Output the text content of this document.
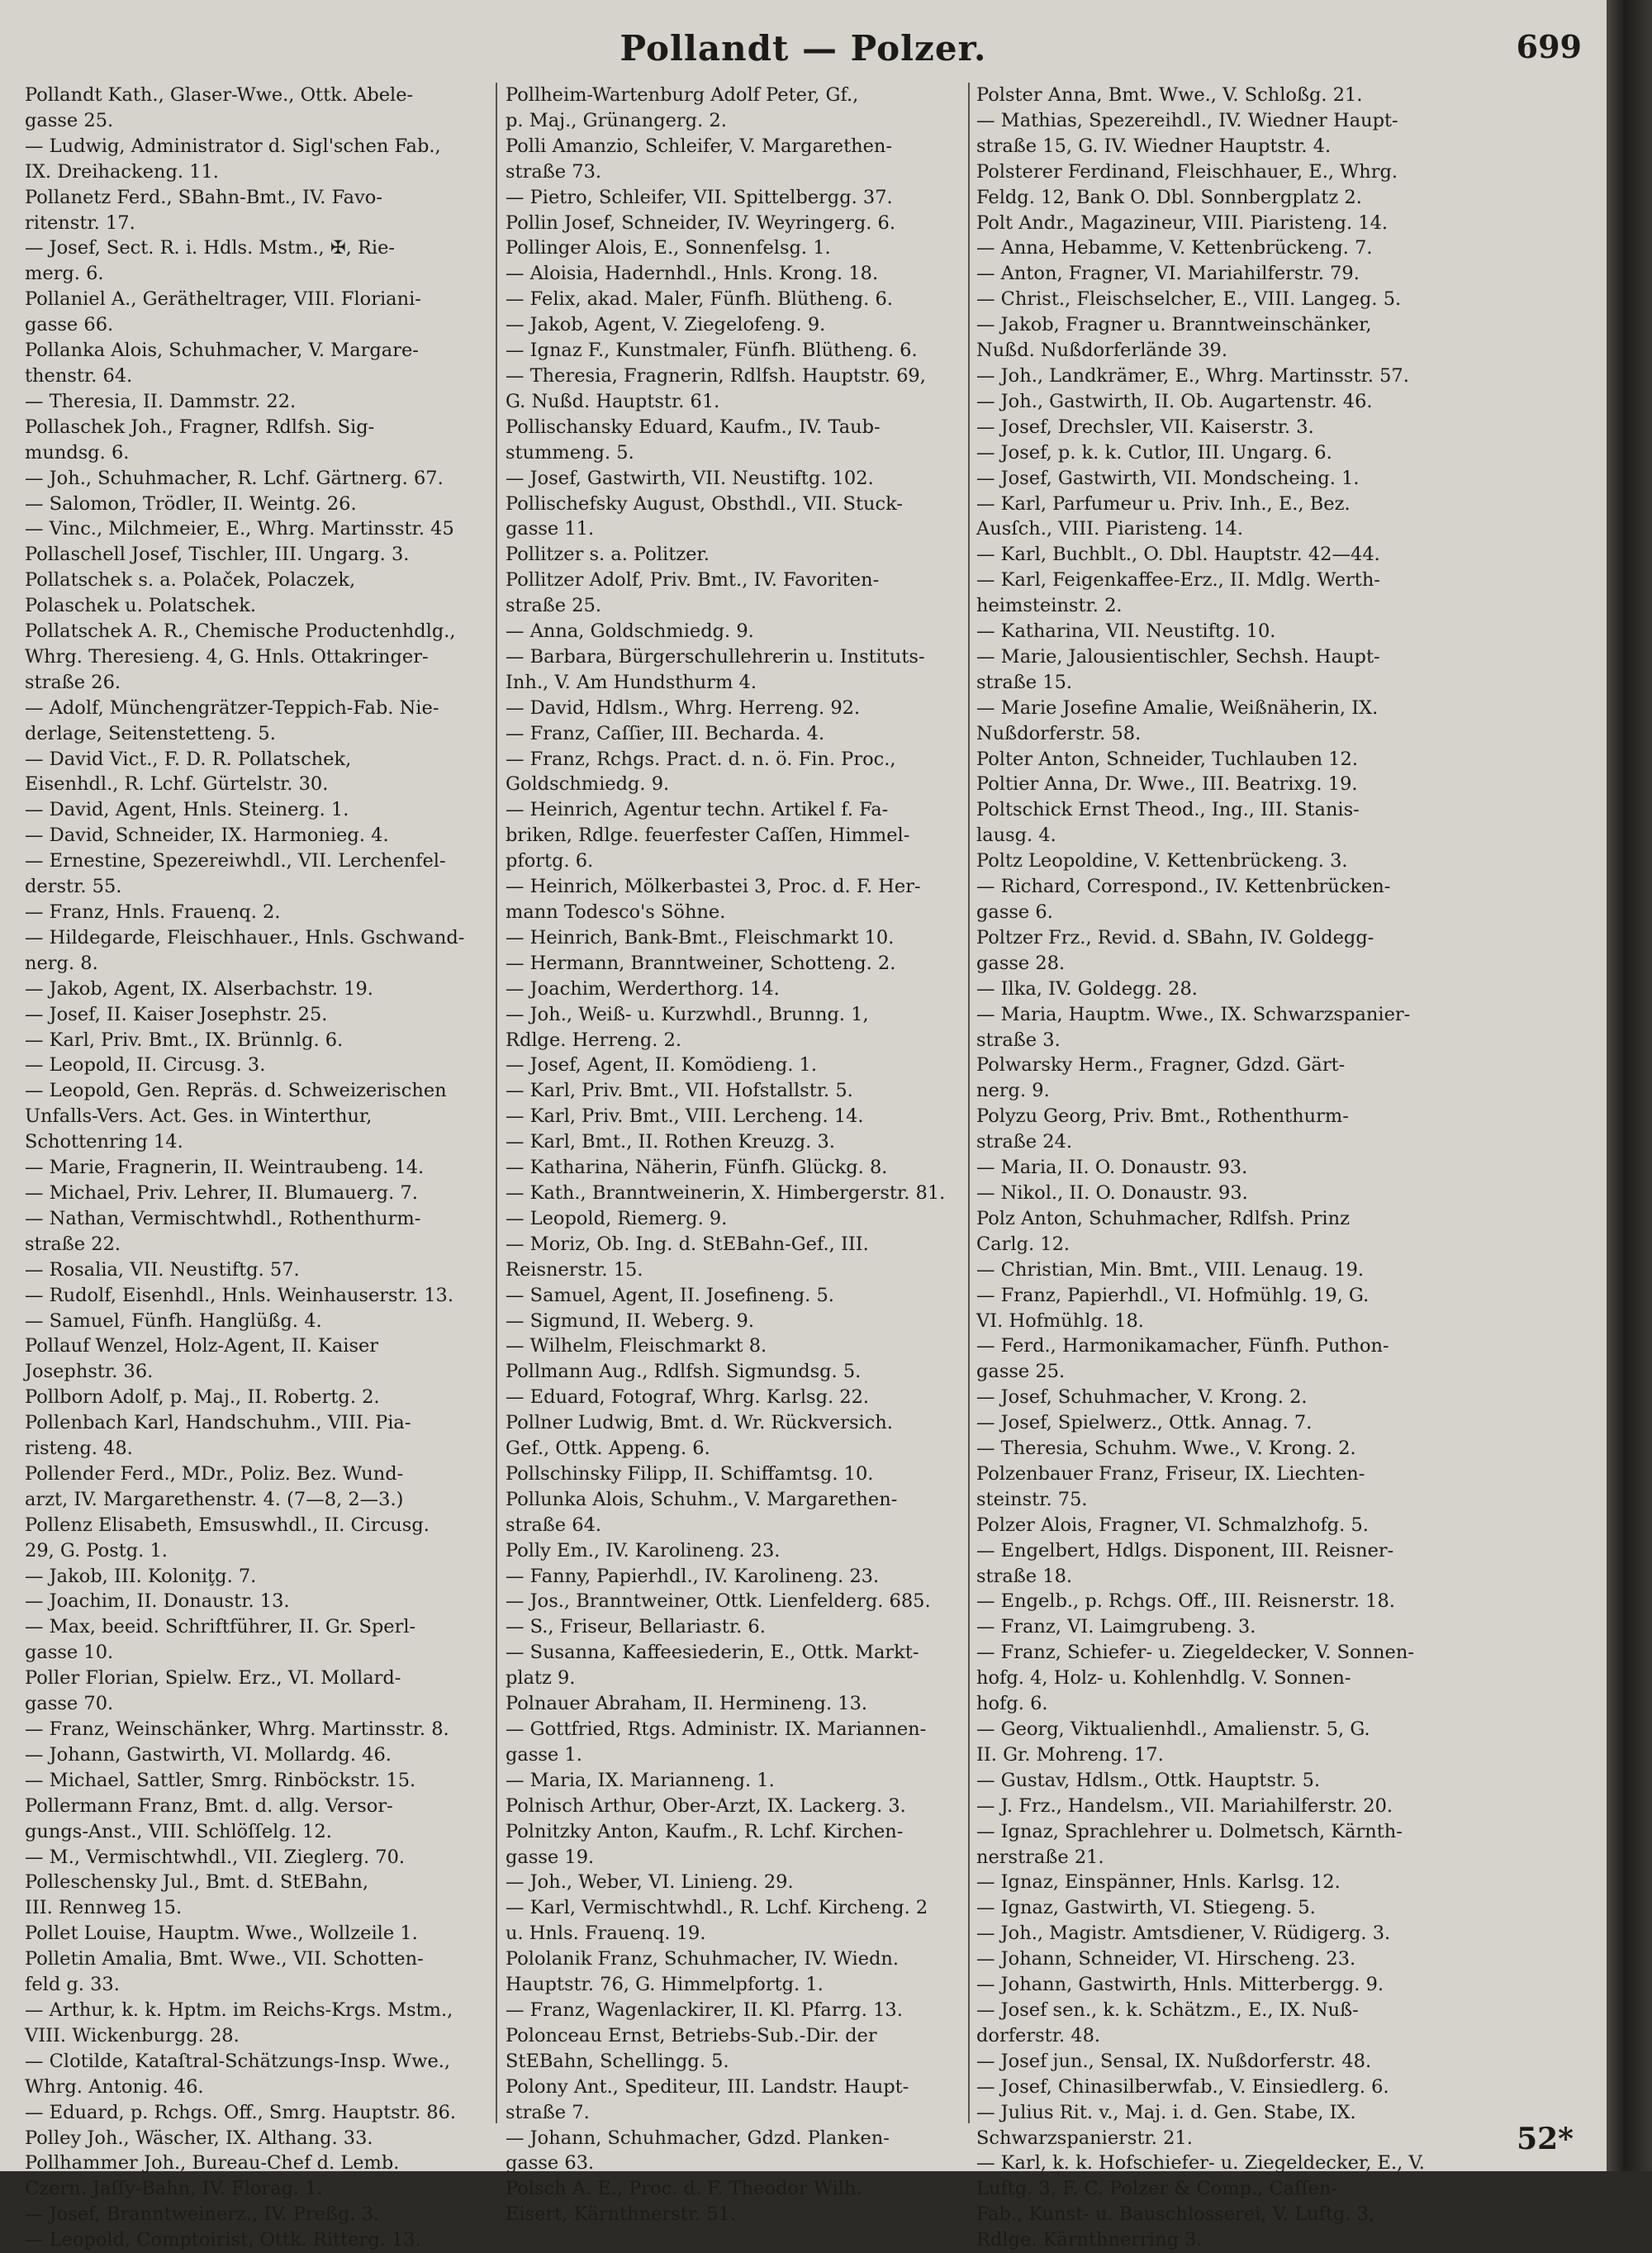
Pollandt — Polzer.	699
Pollandt Kath., Glaser-Wwe., Ottk. Abele-
gasse 25.
— Ludwig, Administrator d. Sigl'schen Fab.,
IX. Dreihackeng. 11.
Pollanetz Ferd., SBahn-Bmt., IV. Favo-
ritenstr. 17.
— Josef, Sect. R. i. Hdls. Mstm., ✠, Rie-
merg. 6.
Pollaniel A., Gerätheltrager, VIII. Floriani-
gasse 66.
Pollanka Alois, Schuhmacher, V. Margare-
thenstr. 64.
— Theresia, II. Dammstr. 22.
Pollaschek Joh., Fragner, Rdlfsh. Sig-
mundsg. 6.
— Joh., Schuhmacher, R. Lchf. Gärtnerg. 67.
— Salomon, Trödler, II. Weintg. 26.
— Vinc., Milchmeier, E., Whrg. Martinsstr. 45
Pollaschell Josef, Tischler, III. Ungarg. 3.
Pollatschek s. a. Polaček, Polaczek,
Polaschek u. Polatschek.
Pollatschek A. R., Chemische Productenhdlg.,
Whrg. Theresieng. 4, G. Hnls. Ottakringer-
straße 26.
— Adolf, Münchengrätzer-Teppich-Fab. Nie-
derlage, Seitenstetteng. 5.
— David Vict., F. D. R. Pollatschek,
Eisenhdl., R. Lchf. Gürtelstr. 30.
— David, Agent, Hnls. Steinerg. 1.
— David, Schneider, IX. Harmonieg. 4.
— Ernestine, Spezereiwhdl., VII. Lerchenfel-
derstr. 55.
— Franz, Hnls. Frauenq. 2.
— Hildegarde, Fleischhauer., Hnls. Gschwand-
nerg. 8.
— Jakob, Agent, IX. Alserbachstr. 19.
— Josef, II. Kaiser Josephstr. 25.
— Karl, Priv. Bmt., IX. Brünnlg. 6.
— Leopold, II. Circusg. 3.
— Leopold, Gen. Repräs. d. Schweizerischen
Unfalls-Vers. Act. Ges. in Winterthur,
Schottenring 14.
— Marie, Fragnerin, II. Weintraubeng. 14.
— Michael, Priv. Lehrer, II. Blumauerg. 7.
— Nathan, Vermischtwhdl., Rothenthurm-
straße 22.
— Rosalia, VII. Neustiftg. 57.
— Rudolf, Eisenhdl., Hnls. Weinhauserstr. 13.
— Samuel, Fünfh. Hanglüßg. 4.
Pollauf Wenzel, Holz-Agent, II. Kaiser
Josephstr. 36.
Pollborn Adolf, p. Maj., II. Robertg. 2.
Pollenbach Karl, Handschuhm., VIII. Pia-
risteng. 48.
Pollender Ferd., MDr., Poliz. Bez. Wund-
arzt, IV. Margarethenstr. 4. (7—8, 2—3.)
Pollenz Elisabeth, Emsuswhdl., II. Circusg.
29, G. Postg. 1.
— Jakob, III. Koloniţg. 7.
— Joachim, II. Donaustr. 13.
— Max, beeid. Schriftführer, II. Gr. Sperl-
gasse 10.
Poller Florian, Spielw. Erz., VI. Mollard-
gasse 70.
— Franz, Weinschänker, Whrg. Martinsstr. 8.
— Johann, Gastwirth, VI. Mollardg. 46.
— Michael, Sattler, Smrg. Rinböckstr. 15.
Pollermann Franz, Bmt. d. allg. Versor-
gungs-Anst., VIII. Schlöſſelg. 12.
— M., Vermischtwhdl., VII. Zieglerg. 70.
Polleschensky Jul., Bmt. d. StEBahn,
III. Rennweg 15.
Pollet Louise, Hauptm. Wwe., Wollzeile 1.
Polletin Amalia, Bmt. Wwe., VII. Schotten-
feld g. 33.
— Arthur, k. k. Hptm. im Reichs-Krgs. Mstm.,
VIII. Wickenburgg. 28.
— Clotilde, Kataſtral-Schätzungs-Insp. Wwe.,
Whrg. Antonig. 46.
— Eduard, p. Rchgs. Off., Smrg. Hauptstr. 86.
Polley Joh., Wäscher, IX. Althang. 33.
Pollhammer Joh., Bureau-Chef d. Lemb.
Czern. Jaſſy-Bahn, IV. Florag. 1.
— Josef, Branntweinerz., IV. Preßg. 3.
— Leopold, Comptoirist, Ottk. Ritterg. 13.
Pollheim-Wartenburg Adolf Peter, Gf.,
p. Maj., Grünangerg. 2.
Polli Amanzio, Schleifer, V. Margarethen-
straße 73.
— Pietro, Schleifer, VII. Spittelbergg. 37.
Pollin Josef, Schneider, IV. Weyringerg. 6.
Pollinger Alois, E., Sonnenfelsg. 1.
— Aloisia, Hadernhdl., Hnls. Krong. 18.
— Felix, akad. Maler, Fünfh. Blütheng. 6.
— Jakob, Agent, V. Ziegelofeng. 9.
— Ignaz F., Kunstmaler, Fünfh. Blütheng. 6.
— Theresia, Fragnerin, Rdlfsh. Hauptstr. 69,
G. Nußd. Hauptstr. 61.
Pollischansky Eduard, Kaufm., IV. Taub-
stummeng. 5.
— Josef, Gastwirth, VII. Neustiftg. 102.
Pollischefsky August, Obsthdl., VII. Stuck-
gasse 11.
Pollitzer s. a. Politzer.
Pollitzer Adolf, Priv. Bmt., IV. Favoriten-
straße 25.
— Anna, Goldschmiedg. 9.
— Barbara, Bürgerschullehrerin u. Instituts-
Inh., V. Am Hundsthurm 4.
— David, Hdlsm., Whrg. Herreng. 92.
— Franz, Caſſier, III. Becharda. 4.
— Franz, Rchgs. Pract. d. n. ö. Fin. Proc.,
Goldschmiedg. 9.
— Heinrich, Agentur techn. Artikel f. Fa-
briken, Rdlge. feuerfester Caſſen, Himmel-
pfortg. 6.
— Heinrich, Mölkerbastei 3, Proc. d. F. Her-
mann Todesco's Söhne.
— Heinrich, Bank-Bmt., Fleischmarkt 10.
— Hermann, Branntweiner, Schotteng. 2.
— Joachim, Werderthorg. 14.
— Joh., Weiß- u. Kurzwhdl., Brunng. 1,
Rdlge. Herreng. 2.
— Josef, Agent, II. Komödieng. 1.
— Karl, Priv. Bmt., VII. Hofstallstr. 5.
— Karl, Priv. Bmt., VIII. Lercheng. 14.
— Karl, Bmt., II. Rothen Kreuzg. 3.
— Katharina, Näherin, Fünfh. Glückg. 8.
— Kath., Branntweinerin, X. Himbergerstr. 81.
— Leopold, Riemerg. 9.
— Moriz, Ob. Ing. d. StEBahn-Gef., III.
Reisnerstr. 15.
— Samuel, Agent, II. Josefineng. 5.
— Sigmund, II. Weberg. 9.
— Wilhelm, Fleischmarkt 8.
Pollmann Aug., Rdlfsh. Sigmundsg. 5.
— Eduard, Fotograf, Whrg. Karlsg. 22.
Pollner Ludwig, Bmt. d. Wr. Rückversich.
Gef., Ottk. Appeng. 6.
Pollschinsky Filipp, II. Schiffamtsg. 10.
Pollunka Alois, Schuhm., V. Margarethen-
straße 64.
Polly Em., IV. Karolineng. 23.
— Fanny, Papierhdl., IV. Karolineng. 23.
— Jos., Branntweiner, Ottk. Lienfelderg. 685.
— S., Friseur, Bellariastr. 6.
— Susanna, Kaffeesiederin, E., Ottk. Markt-
platz 9.
Polnauer Abraham, II. Hermineng. 13.
— Gottfried, Rtgs. Administr. IX. Mariannen-
gasse 1.
— Maria, IX. Marianneng. 1.
Polnisch Arthur, Ober-Arzt, IX. Lackerg. 3.
Polnitzky Anton, Kaufm., R. Lchf. Kirchen-
gasse 19.
— Joh., Weber, VI. Linieng. 29.
— Karl, Vermischtwhdl., R. Lchf. Kircheng. 2
u. Hnls. Frauenq. 19.
Pololanik Franz, Schuhmacher, IV. Wiedn.
Hauptstr. 76, G. Himmelpfortg. 1.
— Franz, Wagenlackirer, II. Kl. Pfarrg. 13.
Polonceau Ernst, Betriebs-Sub.-Dir. der
StEBahn, Schellingg. 5.
Polony Ant., Spediteur, III. Landstr. Haupt-
straße 7.
— Johann, Schuhmacher, Gdzd. Planken-
gasse 63.
Polsch A. E., Proc. d. F. Theodor Wilh.
Eisert, Kärnthnerstr. 51.
Polster Anna, Bmt. Wwe., V. Schloßg. 21.
— Mathias, Spezereihdl., IV. Wiedner Haupt-
straße 15, G. IV. Wiedner Hauptstr. 4.
Polsterer Ferdinand, Fleischhauer, E., Whrg.
Feldg. 12, Bank O. Dbl. Sonnbergplatz 2.
Polt Andr., Magazineur, VIII. Piaristeng. 14.
— Anna, Hebamme, V. Kettenbrückeng. 7.
— Anton, Fragner, VI. Mariahilferstr. 79.
— Christ., Fleischselcher, E., VIII. Langeg. 5.
— Jakob, Fragner u. Branntweinschänker,
Nußd. Nußdorferlände 39.
— Joh., Landkrämer, E., Whrg. Martinsstr. 57.
— Joh., Gastwirth, II. Ob. Augartenstr. 46.
— Josef, Drechsler, VII. Kaiserstr. 3.
— Josef, p. k. k. Cutlor, III. Ungarg. 6.
— Josef, Gastwirth, VII. Mondscheing. 1.
— Karl, Parfumeur u. Priv. Inh., E., Bez.
Ausſch., VIII. Piaristeng. 14.
— Karl, Buchblt., O. Dbl. Hauptstr. 42—44.
— Karl, Feigenkaffee-Erz., II. Mdlg. Werth-
heimsteinstr. 2.
— Katharina, VII. Neustiftg. 10.
— Marie, Jalousientischler, Sechsh. Haupt-
straße 15.
— Marie Josefine Amalie, Weißnäherin, IX.
Nußdorferstr. 58.
Polter Anton, Schneider, Tuchlauben 12.
Poltier Anna, Dr. Wwe., III. Beatrixg. 19.
Poltschick Ernst Theod., Ing., III. Stanis-
lausg. 4.
Poltz Leopoldine, V. Kettenbrückeng. 3.
— Richard, Correspond., IV. Kettenbrücken-
gasse 6.
Poltzer Frz., Revid. d. SBahn, IV. Goldegg-
gasse 28.
— Ilka, IV. Goldegg. 28.
— Maria, Hauptm. Wwe., IX. Schwarzspanier-
straße 3.
Polwarsky Herm., Fragner, Gdzd. Gärt-
nerg. 9.
Polyzu Georg, Priv. Bmt., Rothenthurm-
straße 24.
— Maria, II. O. Donaustr. 93.
— Nikol., II. O. Donaustr. 93.
Polz Anton, Schuhmacher, Rdlfsh. Prinz
Carlg. 12.
— Christian, Min. Bmt., VIII. Lenaug. 19.
— Franz, Papierhdl., VI. Hofmühlg. 19, G.
VI. Hofmühlg. 18.
— Ferd., Harmonikamacher, Fünfh. Puthon-
gasse 25.
— Josef, Schuhmacher, V. Krong. 2.
— Josef, Spielwerz., Ottk. Annag. 7.
— Theresia, Schuhm. Wwe., V. Krong. 2.
Polzenbauer Franz, Friseur, IX. Liechten-
steinstr. 75.
Polzer Alois, Fragner, VI. Schmalzhofg. 5.
— Engelbert, Hdlgs. Disponent, III. Reisner-
straße 18.
— Engelb., p. Rchgs. Off., III. Reisnerstr. 18.
— Franz, VI. Laimgrubeng. 3.
— Franz, Schiefer- u. Ziegeldecker, V. Sonnen-
hofg. 4, Holz- u. Kohlenhdlg. V. Sonnen-
hofg. 6.
— Georg, Viktualienhdl., Amalienstr. 5, G.
II. Gr. Mohreng. 17.
— Gustav, Hdlsm., Ottk. Hauptstr. 5.
— J. Frz., Handelsm., VII. Mariahilferstr. 20.
— Ignaz, Sprachlehrer u. Dolmetsch, Kärnth-
nerstraße 21.
— Ignaz, Einspänner, Hnls. Karlsg. 12.
— Ignaz, Gastwirth, VI. Stiegeng. 5.
— Joh., Magistr. Amtsdiener, V. Rüdigerg. 3.
— Johann, Schneider, VI. Hirscheng. 23.
— Johann, Gastwirth, Hnls. Mitterbergg. 9.
— Josef sen., k. k. Schätzm., E., IX. Nuß-
dorferstr. 48.
— Josef jun., Sensal, IX. Nußdorferstr. 48.
— Josef, Chinasilberwfab., V. Einsiedlerg. 6.
— Julius Rit. v., Maj. i. d. Gen. Stabe, IX.
Schwarzspanierstr. 21.
— Karl, k. k. Hofschiefer- u. Ziegeldecker, E., V.
Luftg. 3, F. C. Polzer & Comp., Caſſen-
Fab., Kunst- u. Bauschlosserei, V. Luftg. 3,
Rdlge. Kärnthnerring 3.
52*
